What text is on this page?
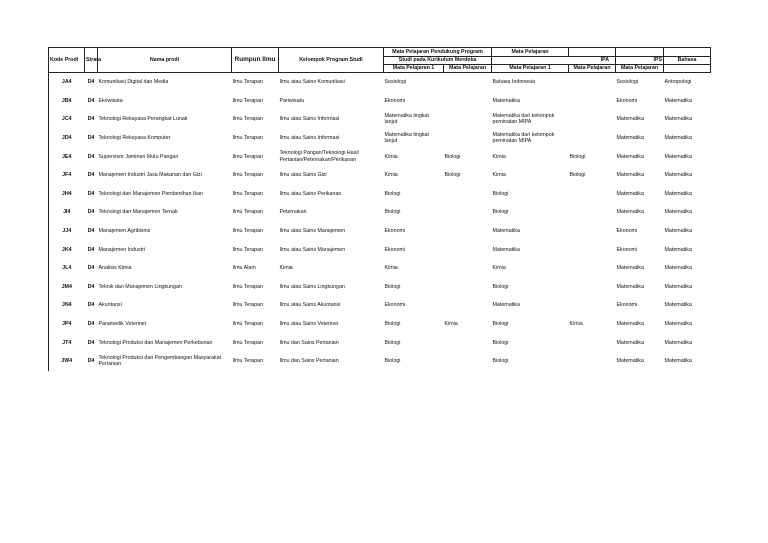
Kode Prodi	Strata	Nama prodi	Rumpun Ilmu	Kelompok Program Studi	Mata Pelajaran Pendukung Program		Mata Pelajaran			
					Studi pada Kurikulum Merdeka		IPA		IPS	Bahasa
					Mata Pelajaran 1	Mata Pelajaran	Mata Pelajaran 1	Mata Pelajaran	Mata Pelajaran	
JA4	D4	Komunikasi Digital dan Media	Ilmu Terapan	Ilmu atau Sains Komunikasi	Sosiologi		Bahasa Indonesia		Sosiologi	Antropologi
JB4	D4	Ekowisata	Ilmu Terapan	Pariwisata	Ekonomi		Matematika		Ekonomi	Matematika
JC4	D4	Teknologi Rekayasa Perangkat Lunak	Ilmu Terapan	Ilmu atau Sains Informasi	Matematika tingkat lanjut		Matematika dari kelompok peminatan MIPA		Matematika	Matematika
JD4	D4	Teknologi Rekayasa Komputer	Ilmu Terapan	Ilmu atau Sains Informasi	Matematika tingkat lanjut		Matematika dari kelompok peminatan MIPA		Matematika	Matematika
JE4	D4	Supervisor Jaminan Mutu Pangan	Ilmu Terapan	Teknologi Pangan/Teknologi Hasil Pertanian/Peternakan/Perikanan	Kimia	Biologi	Kimia	Biologi	Matematika	Matematika
JF4	D4	Manajemen Industri Jasa Makanan dan Gizi	Ilmu Terapan	Ilmu atau Sains Gizi	Kimia	Biologi	Kimia	Biologi	Matematika	Matematika
JH4	D4	Teknologi dan Manajemen Pembenihan Ikan	Ilmu Terapan	Ilmu atau Sains Perikanan	Biologi		Biologi		Matematika	Matematika
JI4	D4	Teknologi dan Manajemen Ternak	Ilmu Terapan	Peternakan	Biologi		Biologi		Matematika	Matematika
JJ4	D4	Manajemen Agribisnis	Ilmu Terapan	Ilmu atau Sains Manajemen	Ekonomi		Matematika		Ekonomi	Matematika
JK4	D4	Manajemen Industri	Ilmu Terapan	Ilmu atau Sains Manajemen	Ekonomi		Matematika		Ekonomi	Matematika
JL4	D4	Analisis Kimia	Ilmu Alam	Kimia	Kimia		Kimia		Matematika	Matematika
JM4	D4	Teknik dan Manajemen Lingkungan	Ilmu Terapan	Ilmu atau Sains Lingkungan	Biologi		Biologi		Matematika	Matematika
JN4	D4	Akuntansi	Ilmu Terapan	Ilmu atau Sains Akuntansi	Ekonomi		Matematika		Ekonomi	Matematika
JP4	D4	Paramedik Veteriner	Ilmu Terapan	Ilmu atau Sains Veteriner	Biologi	Kimia	Biologi	Kimia	Matematika	Matematika
JT4	D4	Teknologi Produksi dan Manajemen Perkebunan	Ilmu Terapan	Ilmu dan Sains Pertanian	Biologi		Biologi		Matematika	Matematika
JW4	D4	Teknologi Produksi dan Pengembangan Masyarakat Pertanian	Ilmu Terapan	Ilmu dan Sains Pertanian	Biologi		Biologi		Matematika	Matematika
